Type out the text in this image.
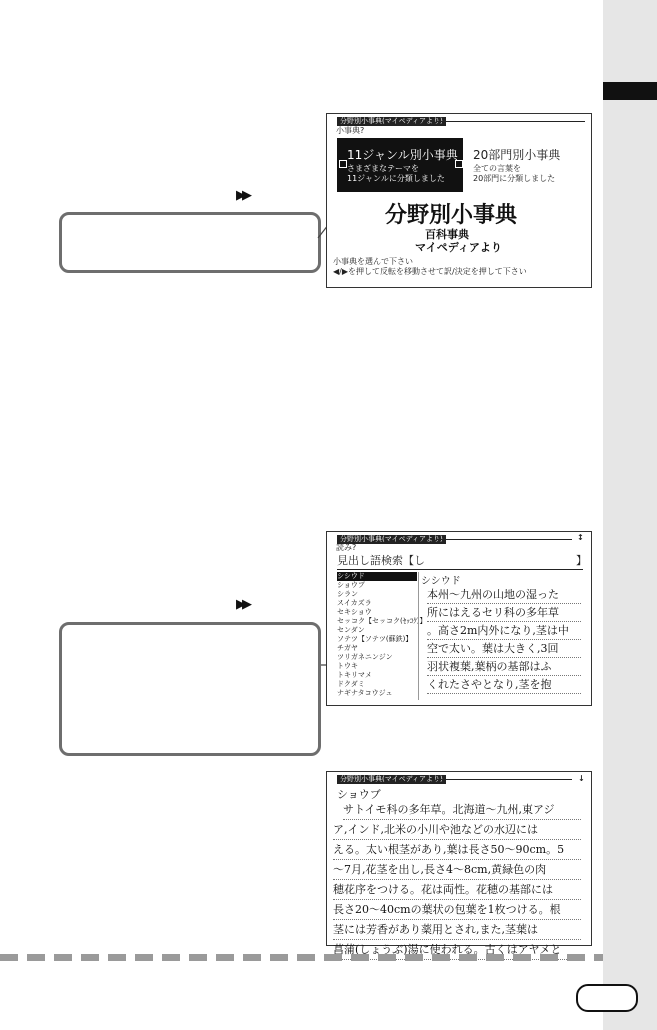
▶▶
分野別小事典(マイペディアより)
小事典?
11ジャンル別小事典
さまざまなテーマを
11ジャンルに分類しました
20部門別小事典
全ての言葉を
20部門に分類しました
分野別小事典
百科事典
マイペディアより
小事典を選んで下さい
◀/▶を押して反転を移動させて訳/決定を押して下さい
▶▶
分野別小事典(マイペディアより)	↕
読み?
見出し語検索【し	】
シシウド
ショウブ
シラン
スイカズラ
セキショウ
セッコク【セッコク(ｾｯｺｸ)】
センダン
ソテツ【ソテツ(蘇鉄)】
チガヤ
ツリガネニンジン
トウキ
トキリマメ
ドクダミ
ナギナタコウジュ
シシウド
本州～九州の山地の湿った
所にはえるセリ科の多年草
。高さ2m内外になり,茎は中
空で太い。葉は大きく,3回
羽状複葉,葉柄の基部はふ
くれたさやとなり,茎を抱
分野別小事典(マイペディアより)	↓
ショウブ
サトイモ科の多年草。北海道～九州,東アジ
ア,インド,北米の小川や池などの水辺には
える。太い根茎があり,葉は長さ50～90cm。5
～7月,花茎を出し,長さ4～8cm,黄緑色の肉
穂花序をつける。花は両性。花穂の基部には
長さ20～40cmの葉状の包葉を1枚つける。根
茎には芳香があり薬用とされ,また,茎葉は
菖蒲(しょうぶ)湯に使われる。古くはアヤメと
